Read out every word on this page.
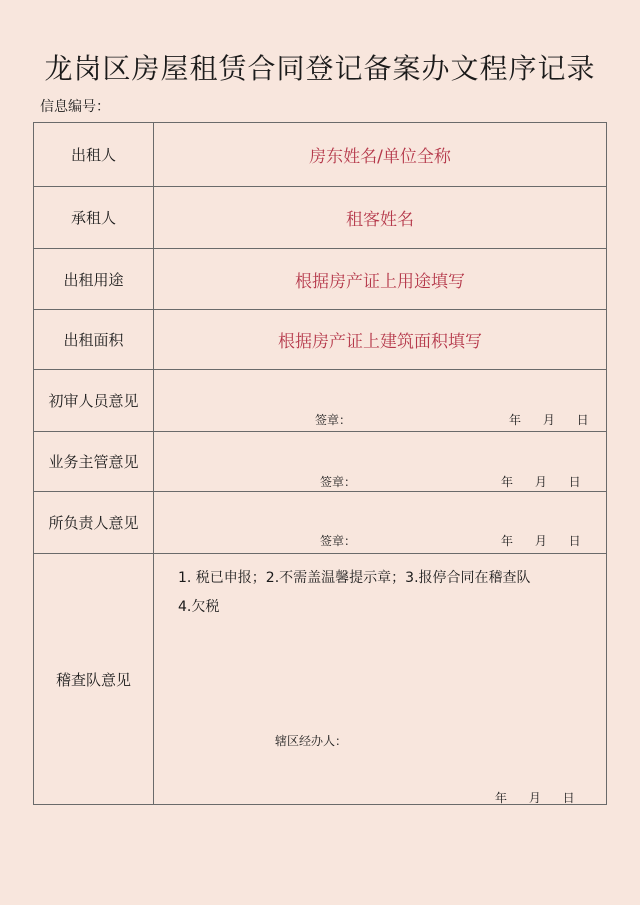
龙岗区房屋租赁合同登记备案办文程序记录
信息编号：
出租人	房东姓名/单位全称
承租人	租客姓名
出租用途	根据房产证上用途填写
出租面积	根据房产证上建筑面积填写
初审人员意见	签章： 年 月 日

业务主管意见	签章： 年 月 日

所负责人意见	签章： 年 月 日

稽查队意见	1. 税已申报；2.不需盖温馨提示章；3.报停合同在稽查队
4.欠税
辖区经办人：
年 月 日
